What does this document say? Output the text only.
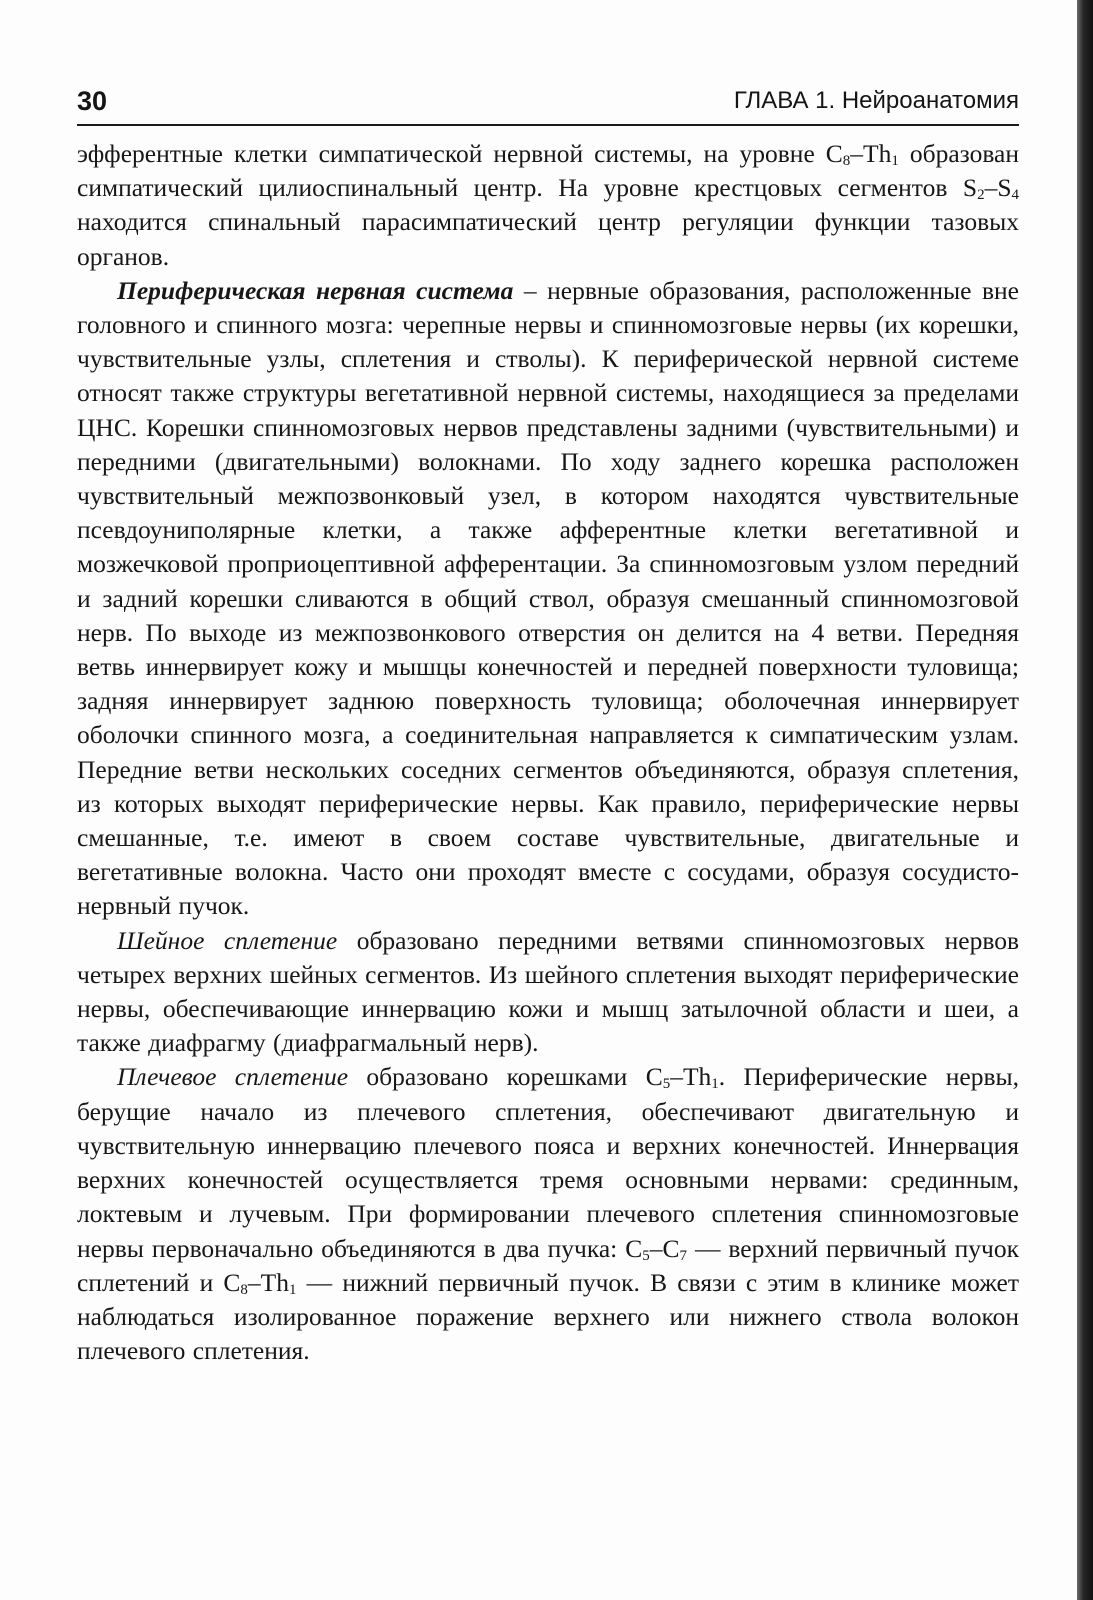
30	ГЛАВА 1. Нейроанатомия

эфферентные клетки симпатической нервной системы, на уровне $C_8-Th_1$ образован симпатический цилиоспинальный центр. На уровне крестцовых сегментов $S_2-S_4$ находится спинальный парасимпатический центр регуляции функции тазовых органов.

Периферическая нервная система – нервные образования, расположенные вне головного и спинного мозга: черепные нервы и спинномозговые нервы (их корешки, чувствительные узлы, сплетения и стволы). К периферической нервной системе относят также структуры вегетативной нервной системы, находящиеся за пределами ЦНС. Корешки спинномозговых нервов представлены задними (чувствительными) и передними (двигательными) волокнами. По ходу заднего корешка расположен чувствительный межпозвонковый узел, в котором находятся чувствительные псевдоуниполярные клетки, а также афферентные клетки вегетативной и мозжечковой проприоцептивной афферентации. За спинномозговым узлом передний и задний корешки сливаются в общий ствол, образуя смешанный спинномозговой нерв. По выходе из межпозвонкового отверстия он делится на 4 ветви. Передняя ветвь иннервирует кожу и мышцы конечностей и передней поверхности туловища; задняя иннервирует заднюю поверхность туловища; оболочечная иннервирует оболочки спинного мозга, а соединительная направляется к симпатическим узлам. Передние ветви нескольких соседних сегментов объединяются, образуя сплетения, из которых выходят периферические нервы. Как правило, периферические нервы смешанные, т.е. имеют в своем составе чувствительные, двигательные и вегетативные волокна. Часто они проходят вместе с сосудами, образуя сосудисто-нервный пучок.

Шейное сплетение образовано передними ветвями спинномозговых нервов четырех верхних шейных сегментов. Из шейного сплетения выходят периферические нервы, обеспечивающие иннервацию кожи и мышц затылочной области и шеи, а также диафрагму (диафрагмальный нерв).

Плечевое сплетение образовано корешками $C_5-Th_1$. Периферические нервы, берущие начало из плечевого сплетения, обеспечивают двигательную и чувствительную иннервацию плечевого пояса и верхних конечностей. Иннервация верхних конечностей осуществляется тремя основными нервами: срединным, локтевым и лучевым. При формировании плечевого сплетения спинномозговые нервы первоначально объединяются в два пучка: $C_5-C_7$ — верхний первичный пучок сплетений и $C_8-Th_1$ — нижний первичный пучок. В связи с этим в клинике может наблюдаться изолированное поражение верхнего или нижнего ствола волокон плечевого сплетения.
